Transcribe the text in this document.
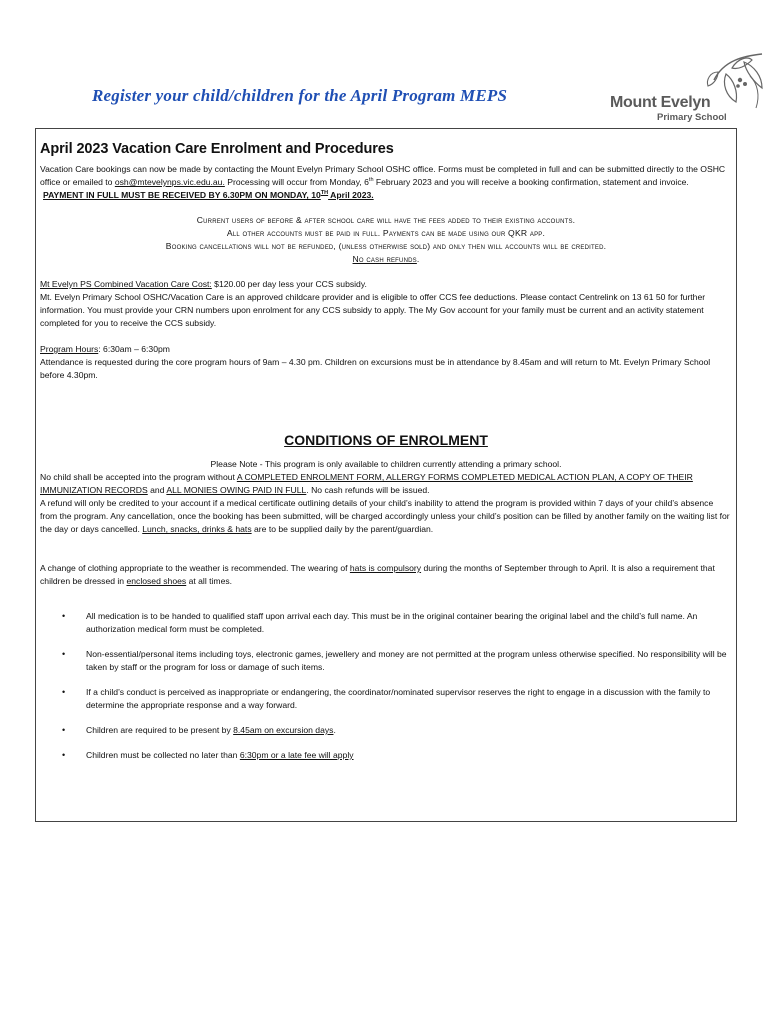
Register your child/children for the April Program MEPS	Mount Evelyn
Primary School
April 2023 Vacation Care Enrolment and Procedures

Vacation Care bookings can now be made by contacting the Mount Evelyn Primary School OSHC office. Forms must be completed in full and can be submitted directly to the OSHC office or emailed to osh@mtevelynps.vic.edu.au. Processing will occur from Monday, 6th February 2023 and you will receive a booking confirmation, statement and invoice.

PAYMENT IN FULL MUST BE RECEIVED BY 6.30PM ON MONDAY, 10TH April 2023.

Current users of before & after school care will have the fees added to their existing accounts.

All other accounts must be paid in full. Payments can be made using our QKR app.

Booking cancellations will not be refunded, (unless otherwise sold) and only then will accounts will be credited.

No cash refunds.

Mt Evelyn PS Combined Vacation Care Cost: $120.00 per day less your CCS subsidy.

Mt. Evelyn Primary School OSHC/Vacation Care is an approved childcare provider and is eligible to offer CCS fee deductions. Please contact Centrelink on 13 61 50 for further information. You must provide your CRN numbers upon enrolment for any CCS subsidy to apply. The My Gov account for your family must be current and an activity statement completed for you to receive the CCS subsidy.

Program Hours: 6:30am – 6:30pm

Attendance is requested during the core program hours of 9am – 4.30 pm. Children on excursions must be in attendance by 8.45am and will return to Mt. Evelyn Primary School before 4.30pm.

CONDITIONS OF ENROLMENT

Please Note - This program is only available to children currently attending a primary school.

No child shall be accepted into the program without A COMPLETED ENROLMENT FORM, ALLERGY FORMS COMPLETED MEDICAL ACTION PLAN, A COPY OF THEIR IMMUNIZATION RECORDS and ALL MONIES OWING PAID IN FULL. No cash refunds will be issued.

A refund will only be credited to your account if a medical certificate outlining details of your child’s inability to attend the program is provided within 7 days of your child’s absence from the program. Any cancellation, once the booking has been submitted, will be charged accordingly unless your child’s position can be filled by another family on the waiting list for the day or days cancelled. Lunch, snacks, drinks & hats are to be supplied daily by the parent/guardian.

A change of clothing appropriate to the weather is recommended. The wearing of hats is compulsory during the months of September through to April. It is also a requirement that children be dressed in enclosed shoes at all times.

• All medication is to be handed to qualified staff upon arrival each day. This must be in the original container bearing the original label and the child’s full name. An authorization medical form must be completed.
• Non-essential/personal items including toys, electronic games, jewellery and money are not permitted at the program unless otherwise specified. No responsibility will be taken by staff or the program for loss or damage of such items.
• If a child’s conduct is perceived as inappropriate or endangering, the coordinator/nominated supervisor reserves the right to engage in a discussion with the family to determine the appropriate response and a way forward.
• Children are required to be present by 8.45am on excursion days.
• Children must be collected no later than 6:30pm or a late fee will apply
